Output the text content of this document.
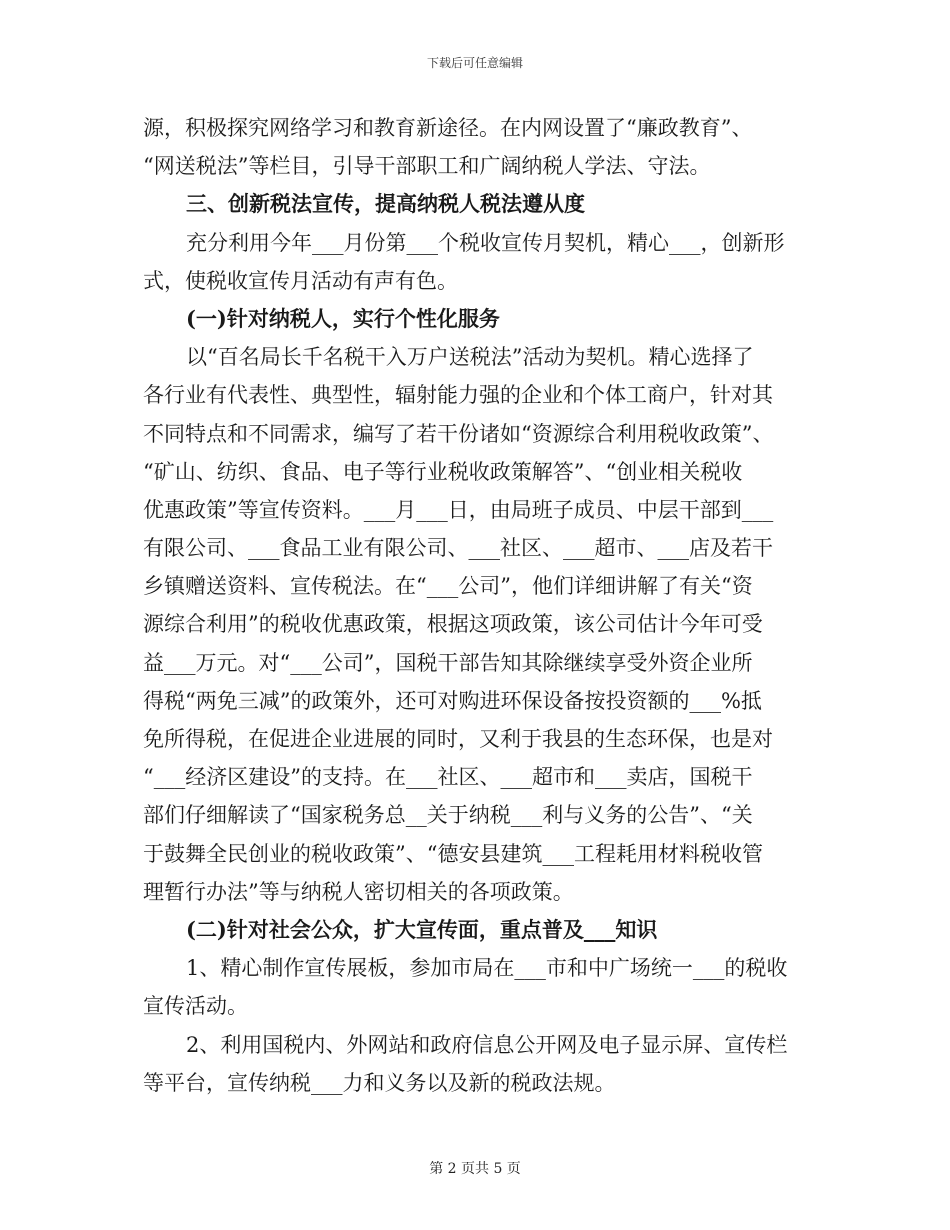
下载后可任意编辑
源，积极探究网络学习和教育新途径。在内网设置了“廉政教育”、
“网送税法”等栏目，引导干部职工和广阔纳税人学法、守法。
三、创新税法宣传，提高纳税人税法遵从度
充分利用今年___月份第___个税收宣传月契机，精心___，创新形
式，使税收宣传月活动有声有色。
(一)针对纳税人，实行个性化服务
以“百名局长千名税干入万户送税法”活动为契机。精心选择了
各行业有代表性、典型性，辐射能力强的企业和个体工商户，针对其
不同特点和不同需求，编写了若干份诸如“资源综合利用税收政策”、
“矿山、纺织、食品、电子等行业税收政策解答”、“创业相关税收
优惠政策”等宣传资料。___月___日，由局班子成员、中层干部到___
有限公司、___食品工业有限公司、___社区、___超市、___店及若干
乡镇赠送资料、宣传税法。在“___公司”，他们详细讲解了有关“资
源综合利用”的税收优惠政策，根据这项政策，该公司估计今年可受
益___万元。对“___公司”，国税干部告知其除继续享受外资企业所
得税“两免三减”的政策外，还可对购进环保设备按投资额的___%抵
免所得税，在促进企业进展的同时，又利于我县的生态环保，也是对
“___经济区建设”的支持。在___社区、___超市和___卖店，国税干
部们仔细解读了“国家税务总__关于纳税___利与义务的公告”、“关
于鼓舞全民创业的税收政策”、“德安县建筑___工程耗用材料税收管
理暂行办法”等与纳税人密切相关的各项政策。
(二)针对社会公众，扩大宣传面，重点普及___知识
1、精心制作宣传展板，参加市局在___市和中广场统一___的税收
宣传活动。
2、利用国税内、外网站和政府信息公开网及电子显示屏、宣传栏
等平台，宣传纳税___力和义务以及新的税政法规。
第 2 页共 5 页
